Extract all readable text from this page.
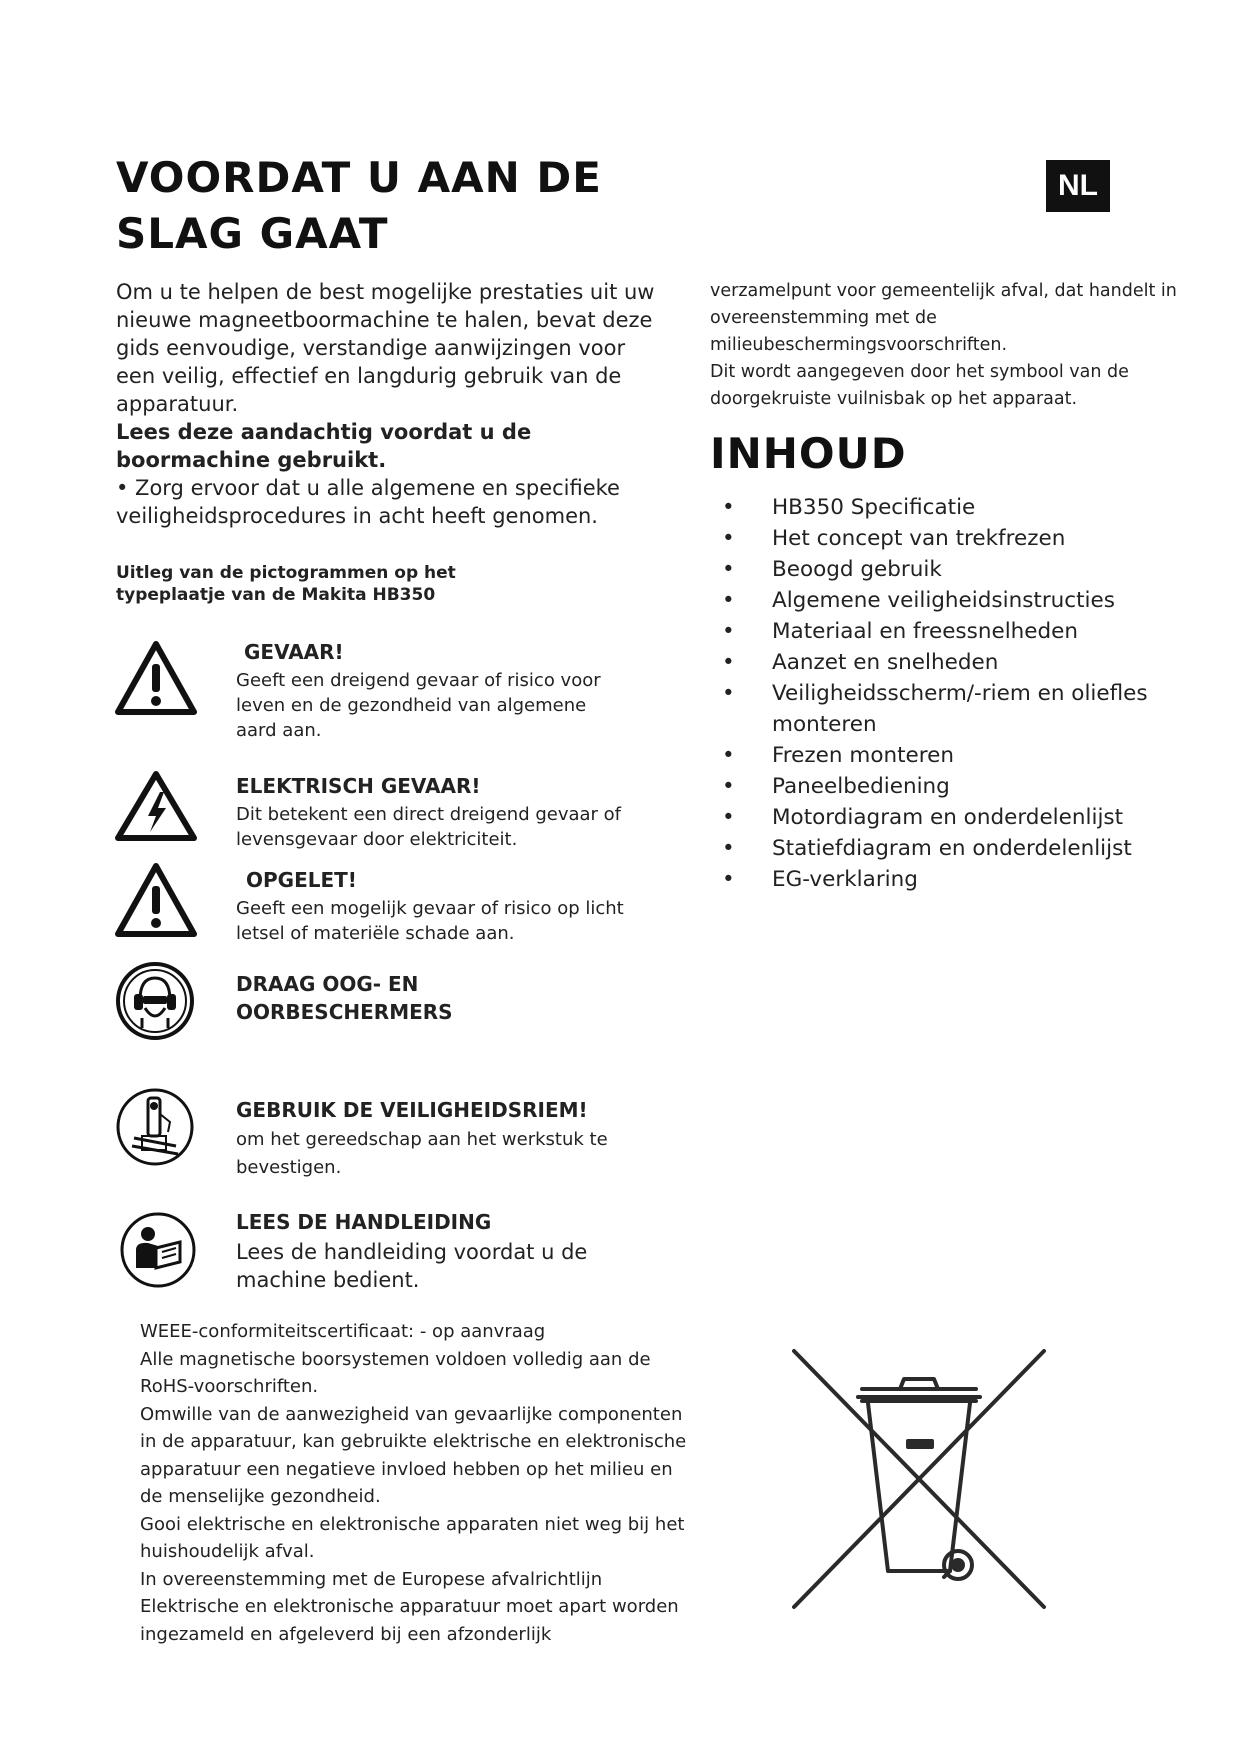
VOORDAT U AAN DE SLAG GAAT
NL

Om u te helpen de best mogelijke prestaties uit uw nieuwe magneetboormachine te halen, bevat deze gids eenvoudige, verstandige aanwijzingen voor een veilig, effectief en langdurig gebruik van de apparatuur.

Lees deze aandachtig voordat u de boormachine gebruikt.

• Zorg ervoor dat u alle algemene en specifieke veiligheidsprocedures in acht heeft genomen.

Uitleg van de pictogrammen op het typeplaatje van de Makita HB350
GEVAAR!
Geeft een dreigend gevaar of risico voor leven en de gezondheid van algemene aard aan.
ELEKTRISCH GEVAAR!
Dit betekent een direct dreigend gevaar of levensgevaar door elektriciteit.
OPGELET!
Geeft een mogelijk gevaar of risico op licht letsel of materiële schade aan.
DRAAG OOG- EN OORBESCHERMERS
GEBRUIK DE VEILIGHEIDSRIEM!
om het gereedschap aan het werkstuk te bevestigen.
LEES DE HANDLEIDING
Lees de handleiding voordat u de machine bedient.

WEEE-conformiteitscertificaat: - op aanvraag

Alle magnetische boorsystemen voldoen volledig aan de RoHS-voorschriften.

Omwille van de aanwezigheid van gevaarlijke componenten in de apparatuur, kan gebruikte elektrische en elektronische apparatuur een negatieve invloed hebben op het milieu en de menselijke gezondheid.

Gooi elektrische en elektronische apparaten niet weg bij het huishoudelijk afval.

In overeenstemming met de Europese afvalrichtlijn Elektrische en elektronische apparatuur moet apart worden ingezameld en afgeleverd bij een afzonderlijk

verzamelpunt voor gemeentelijk afval, dat handelt in overeenstemming met de milieubeschermingsvoorschriften.

Dit wordt aangegeven door het symbool van de doorgekruiste vuilnisbak op het apparaat.

INHOUD
• HB350 Specificatie
• Het concept van trekfrezen
• Beoogd gebruik
• Algemene veiligheidsinstructies
• Materiaal en freessnelheden
• Aanzet en snelheden
• Veiligheidsscherm/-riem en oliefles monteren
• Frezen monteren
• Paneelbediening
• Motordiagram en onderdelenlijst
• Statiefdiagram en onderdelenlijst
• EG-verklaring
